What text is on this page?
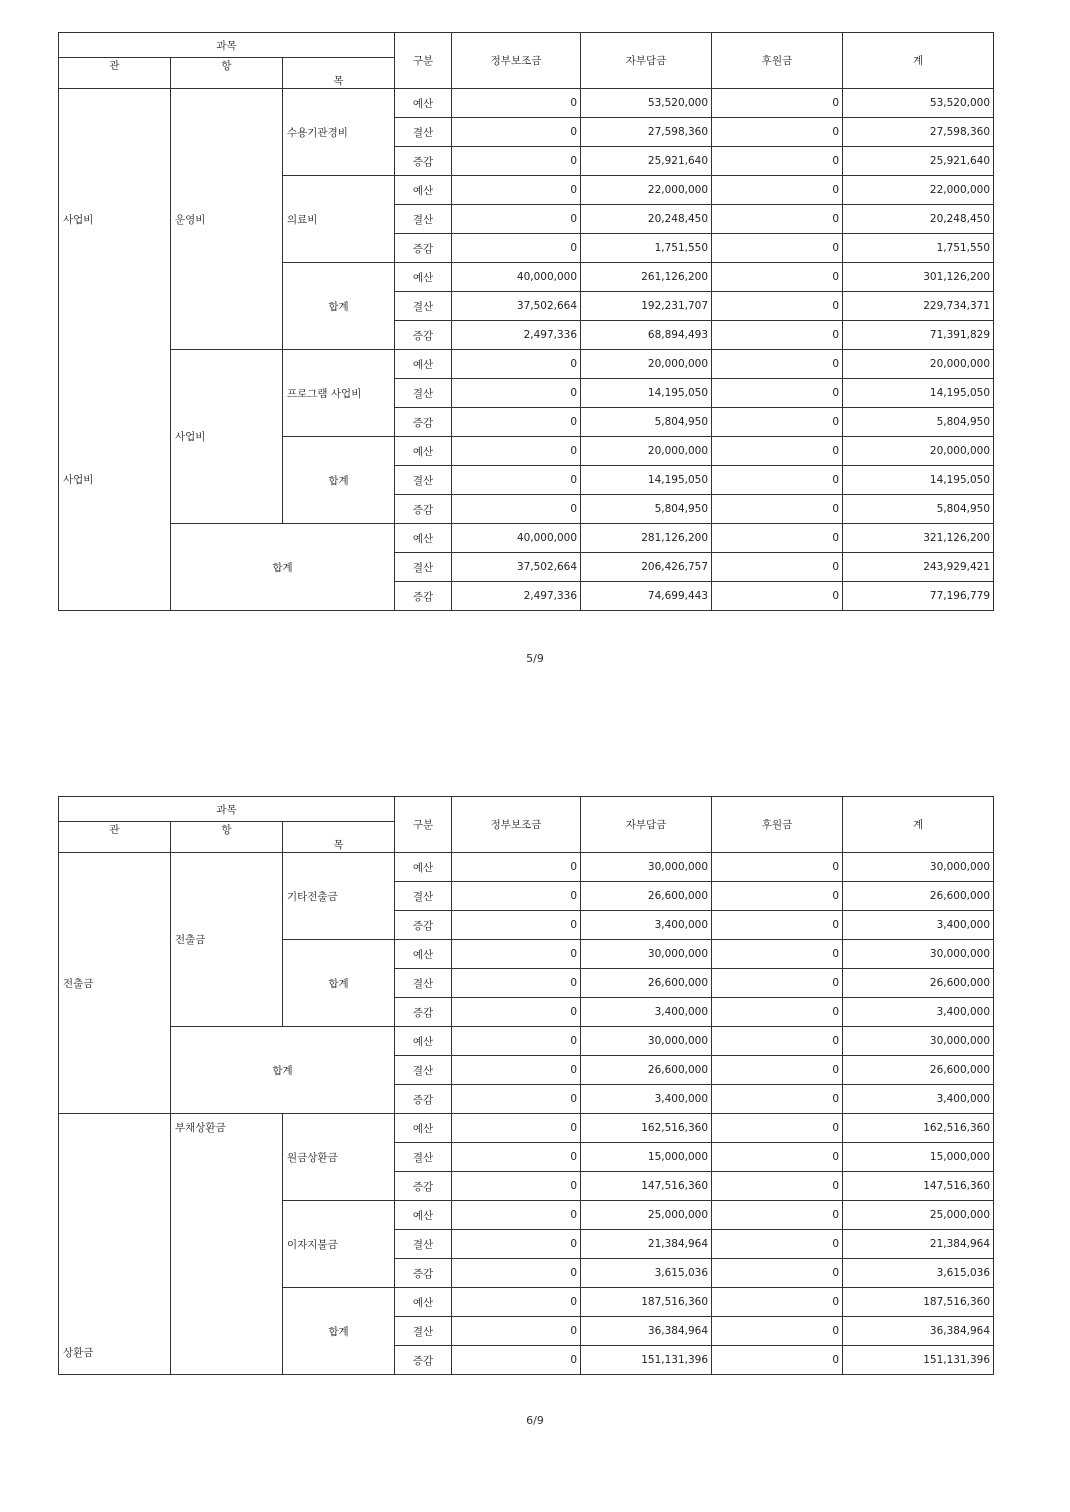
과목			구분	정부보조금	자부담금	후원금	계
관	항	목					
사업비	운영비	수용기관경비	예산	0	53,520,000	0	53,520,000
			결산	0	27,598,360	0	27,598,360
			증감	0	25,921,640	0	25,921,640
		의료비	예산	0	22,000,000	0	22,000,000
			결산	0	20,248,450	0	20,248,450
			증감	0	1,751,550	0	1,751,550
		합계	예산	40,000,000	261,126,200	0	301,126,200
			결산	37,502,664	192,231,707	0	229,734,371
			증감	2,497,336	68,894,493	0	71,391,829
사업비	사업비	프로그램 사업비	예산	0	20,000,000	0	20,000,000
			결산	0	14,195,050	0	14,195,050
			증감	0	5,804,950	0	5,804,950
		합계	예산	0	20,000,000	0	20,000,000
			결산	0	14,195,050	0	14,195,050
			증감	0	5,804,950	0	5,804,950
	합계		예산	40,000,000	281,126,200	0	321,126,200
			결산	37,502,664	206,426,757	0	243,929,421
			증감	2,497,336	74,699,443	0	77,196,779
5/9
과목			구분	정부보조금	자부담금	후원금	계
관	항	목					
전출금	전출금	기타전출금	예산	0	30,000,000	0	30,000,000
			결산	0	26,600,000	0	26,600,000
			증감	0	3,400,000	0	3,400,000
		합계	예산	0	30,000,000	0	30,000,000
			결산	0	26,600,000	0	26,600,000
			증감	0	3,400,000	0	3,400,000
	합계		예산	0	30,000,000	0	30,000,000
			결산	0	26,600,000	0	26,600,000
			증감	0	3,400,000	0	3,400,000
상환금	부채상환금	원금상환금	예산	0	162,516,360	0	162,516,360
			결산	0	15,000,000	0	15,000,000
			증감	0	147,516,360	0	147,516,360
		이자지불금	예산	0	25,000,000	0	25,000,000
			결산	0	21,384,964	0	21,384,964
			증감	0	3,615,036	0	3,615,036
		합계	예산	0	187,516,360	0	187,516,360
			결산	0	36,384,964	0	36,384,964
			증감	0	151,131,396	0	151,131,396
6/9
